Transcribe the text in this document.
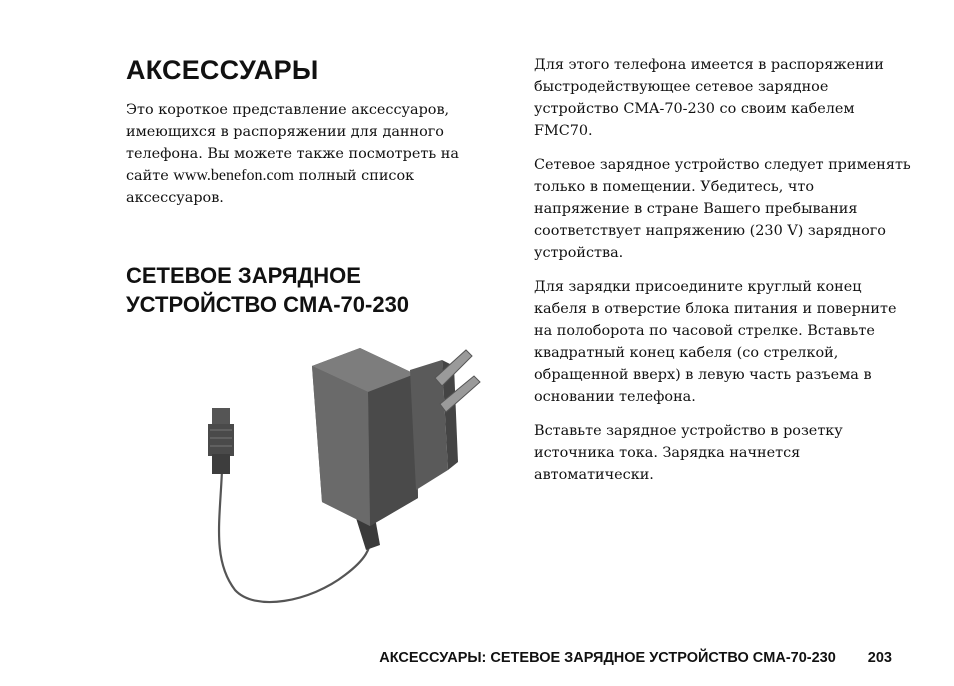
АКСЕССУАРЫ

Это короткое представление аксессуаров, имеющихся в распоряжении для данного телефона. Вы можете также посмотреть на сайте www.benefon.com полный список аксессуаров.

СЕТЕВОЕ ЗАРЯДНОЕ УСТРОЙСТВО CMA-70-230

Для этого телефона имеется в распоряжении быстродействующее сетевое зарядное устройство CMA-70-230 со своим кабелем FMC70.

Сетевое зарядное устройство следует применять только в помещении. Убедитесь, что напряжение в стране Вашего пребывания соответствует напряжению (230 V) зарядного устройства.

Для зарядки присоедините круглый конец кабеля в отверстие блока питания и поверните на полоборота по часовой стрелке. Вставьте квадратный конец кабеля (со стрелкой, обращенной вверх) в левую часть разъема в основании телефона.

Вставьте зарядное устройство в розетку источника тока. Зарядка начнется автоматически.

АКСЕССУАРЫ: СЕТЕВОЕ ЗАРЯДНОЕ УСТРОЙСТВО CMA-70-230 203
